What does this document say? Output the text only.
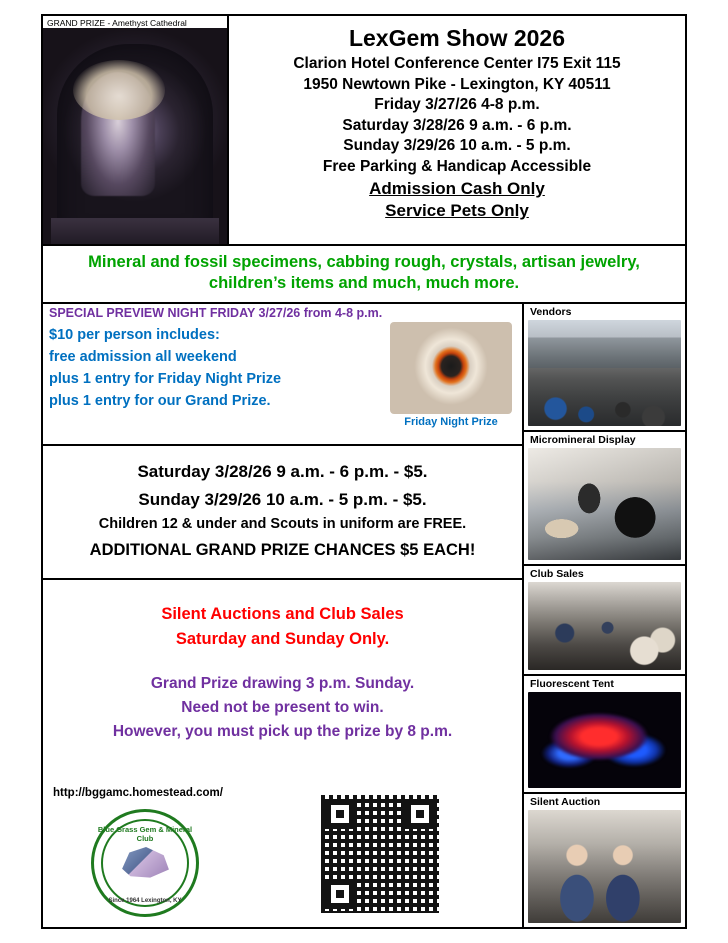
GRAND PRIZE - Amethyst Cathedral
LexGem Show 2026
Clarion Hotel Conference Center I75 Exit 115
1950 Newtown Pike - Lexington, KY 40511
Friday 3/27/26 4-8 p.m.
Saturday 3/28/26 9 a.m. - 6 p.m.
Sunday 3/29/26 10 a.m. - 5 p.m.
Free Parking & Handicap Accessible
Admission Cash Only
Service Pets Only
Mineral and fossil specimens, cabbing rough, crystals, artisan jewelry,
children’s items and much, much more.
SPECIAL PREVIEW NIGHT FRIDAY 3/27/26 from 4-8 p.m.
$10 per person includes:
free admission all weekend
plus 1 entry for Friday Night Prize
plus 1 entry for our Grand Prize.
Friday Night Prize
Saturday 3/28/26 9 a.m. - 6 p.m. - $5.
Sunday 3/29/26 10 a.m. - 5 p.m. - $5.
Children 12 & under and Scouts in uniform are FREE.
ADDITIONAL GRAND PRIZE CHANCES $5 EACH!
Silent Auctions and Club Sales
Saturday and Sunday Only.
Grand Prize drawing 3 p.m. Sunday.
Need not be present to win.
However, you must pick up the prize by 8 p.m.
http://bggamc.homestead.com/
Blue Grass Gem & Mineral Club
Since 1964 Lexington, KY
Vendors
Micromineral Display
Club Sales
Fluorescent Tent
Silent Auction
